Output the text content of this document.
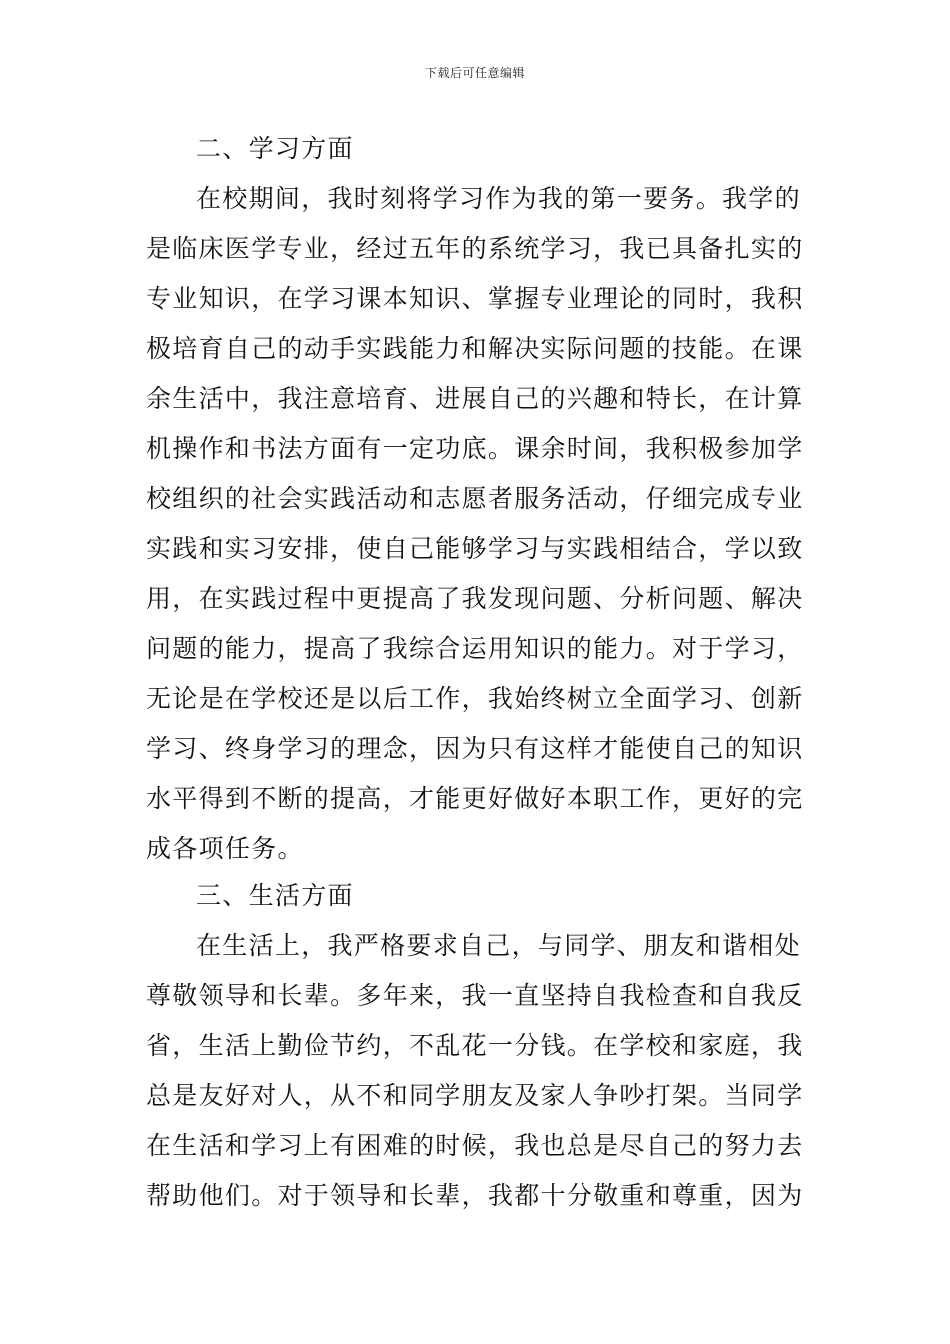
下载后可任意编辑
二、学习方面
在校期间，我时刻将学习作为我的第一要务。我学的
是临床医学专业，经过五年的系统学习，我已具备扎实的
专业知识，在学习课本知识、掌握专业理论的同时，我积
极培育自己的动手实践能力和解决实际问题的技能。在课
余生活中，我注意培育、进展自己的兴趣和特长，在计算
机操作和书法方面有一定功底。课余时间，我积极参加学
校组织的社会实践活动和志愿者服务活动，仔细完成专业
实践和实习安排，使自己能够学习与实践相结合，学以致
用，在实践过程中更提高了我发现问题、分析问题、解决
问题的能力，提高了我综合运用知识的能力。对于学习，
无论是在学校还是以后工作，我始终树立全面学习、创新
学习、终身学习的理念，因为只有这样才能使自己的知识
水平得到不断的提高，才能更好做好本职工作，更好的完
成各项任务。
三、生活方面
在生活上，我严格要求自己，与同学、朋友和谐相处
尊敬领导和长辈。多年来，我一直坚持自我检查和自我反
省，生活上勤俭节约，不乱花一分钱。在学校和家庭，我
总是友好对人，从不和同学朋友及家人争吵打架。当同学
在生活和学习上有困难的时候，我也总是尽自己的努力去
帮助他们。对于领导和长辈，我都十分敬重和尊重，因为
